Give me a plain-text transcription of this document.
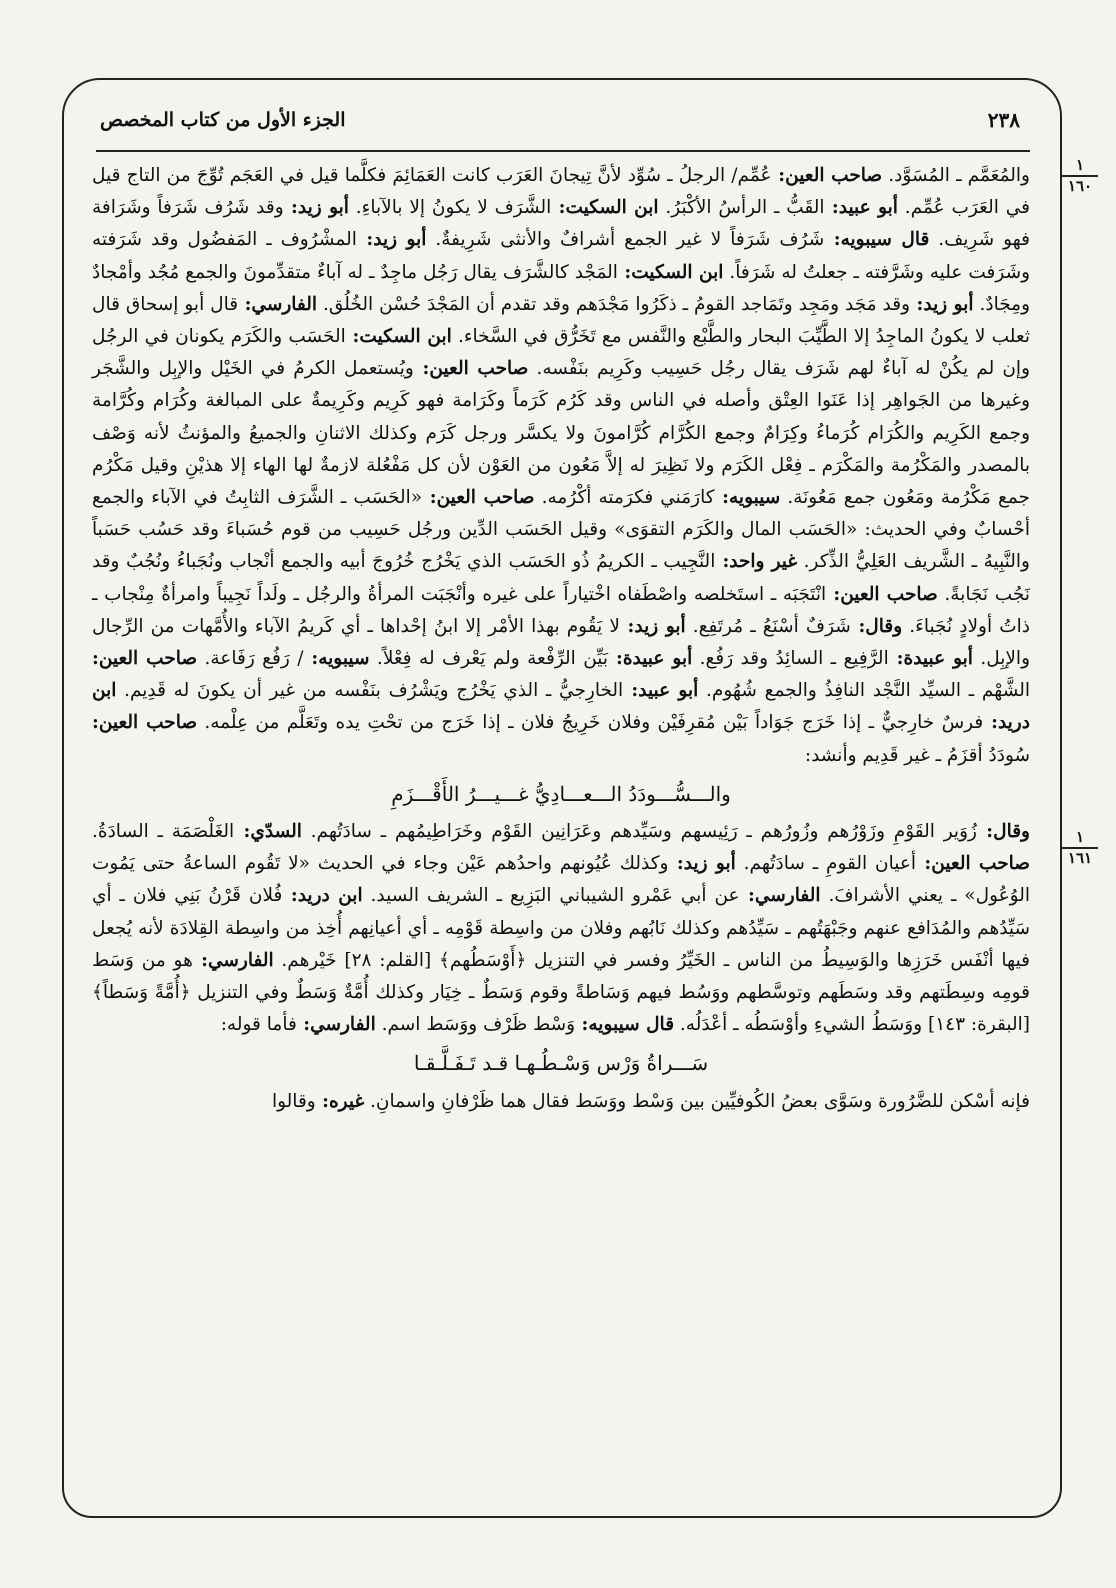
٢٣٨
الجزء الأول من كتاب المخصص
١
١٦٠
١
١٦١

والمُعَمَّم ـ المُسَوَّد. صاحب العين: عُمِّم/ الرجلُ ـ سُوِّد لأنَّ تِيجانَ العَرَب كانت العَمَائِمَ فكلَّما قيل في العَجَم تُوِّجَ من التاج قيل في العَرَب عُمِّم. أبو عبيد: القَبُّ ـ الرأسُ الأكْبَرُ. ابن السكيت: الشَّرَف لا يكونُ إلا بالآباءِ. أبو زيد: وقد شَرُف شَرَفاً وشَرَافة فهو شَرِيف. قال سيبويه: شَرُف شَرَفاً لا غير الجمع أشرافٌ والأنثى شَرِيفةٌ. أبو زيد: المشْرُوف ـ المَفضُول وقد شَرَفته وشَرَفت عليه وشَرَّفته ـ جعلتُ له شَرَفاً. ابن السكيت: المَجْد كالشَّرَف يقال رَجُل ماجِدٌ ـ له آباءٌ متقدِّمونَ والجمع مُجُد وأمْجادٌ ومِجَادٌ. أبو زيد: وقد مَجَد ومَجِد وتَمَاجد القومُ ـ ذكَرُوا مَجْدَهم وقد تقدم أن المَجْدَ حُسْن الخُلُق. الفارسي: قال أبو إسحاق قال ثعلب لا يكونُ الماجِدُ إلا الطَّيِّبَ البحار والطَّبْع والنَّفس مع تَخَرُّق في السَّخاء. ابن السكيت: الحَسَب والكَرَم يكونان في الرجُل وإن لم يكُنْ له آباءٌ لهم شَرَف يقال رجُل حَسِيب وكَرِيم بنَفْسه. صاحب العين: ويُستعمل الكرمُ في الخَيْل والإبِل والشَّجَر وغيرها من الجَواهِر إذا عَنَوا العِتْق وأصله في الناس وقد كَرُم كَرَماً وكَرَامة فهو كَرِيم وكَرِيمةٌ على المبالغة وكُرَام وكُرَّامة وجمع الكَرِيم والكُرَام كُرَماءُ وكِرَامٌ وجمع الكُرَّام كُرَّامونَ ولا يكسَّر ورجل كَرَم وكذلك الاثنانِ والجميعُ والمؤنثُ لأنه وَصْف بالمصدر والمَكْرُمة والمَكْرَم ـ فِعْل الكَرَم ولا نَظِيرَ له إلاَّ مَعُون من العَوْن لأن كل مَفْعُلة لازمةٌ لها الهاء إلا هذيْنِ وقيل مَكْرُم جمع مَكْرُمة ومَعُون جمع مَعُونَة. سيبويه: كارَمَني فكرَمته أكْرُمه. صاحب العين: «الحَسَب ـ الشَّرَف الثابِتُ في الآباء والجمع أحْسابٌ وفي الحديث: «الحَسَب المال والكَرَم التقوَى» وقيل الحَسَب الدِّين ورجُل حَسِيب من قوم حُسَباءَ وقد حَسُب حَسَباً والنَّبِيهُ ـ الشَّريف العَلِيُّ الذِّكر. غير واحد: النَّجِيب ـ الكريمُ ذُو الحَسَب الذي يَخْرُج خُرُوجَ أبيه والجمع أنْجاب ونُجَباءُ ونُجُبٌ وقد نَجُب نَجَابةً. صاحب العين: انْتَجَبَه ـ استَخلصه واصْطَفاه اخْتياراً على غيره وأنْجَبَت المرأةُ والرجُل ـ ولَداً نَجِيباً وامرأةٌ مِنْجاب ـ ذاتُ أولادٍ نُجَباءَ. وقال: شَرَفٌ أسْنَعُ ـ مُرتَفِع. أبو زيد: لا يَقُوم بهذا الأمْر إلا ابنُ إحْداها ـ أي كَريمُ الآباء والأُمَّهات من الرِّجال والإبِل. أبو عبيدة: الرَّفِيع ـ السائِدُ وقد رَفُع. أبو عبيدة: بَيِّن الرِّفْعة ولم يَعْرف له فِعْلاً. سيبويه: / رَفُع رَفَاعة. صاحب العين: الشَّهْم ـ السيِّد النَّجْد النافِذُ والجمع شُهُوم. أبو عبيد: الخارِجيُّ ـ الذي يَخْرُج ويَشْرُف بنَفْسه من غير أن يكونَ له قَدِيم. ابن دريد: فرسٌ خارِجيٌّ ـ إذا خَرَج جَوَاداً بَيْن مُقرِفَيْن وفلان خَرِيجُ فلان ـ إذا خَرَج من تحْتِ يده وتَعَلَّم من عِلْمه. صاحب العين: سُودَدُ أقزَمُ ـ غير قَدِيم وأنشد:

والـــسُّـــودَدُ الـــعـــادِيُّ غـــيـــرُ الأَقْـــزَمِ

وقال: زُوَير القَوْمِ وزَوْرُهم وزُورُهم ـ رَئِيسهم وسَيِّدهم وعَرَانِين القَوْم وخَرَاطِيمُهم ـ سادَتُهم. السدّي: الغَلْصَمَة ـ السادَةُ. صاحب العين: أعيان القومِ ـ سادَتُهم. أبو زيد: وكذلك عُيُونهم واحدُهم عَيْن وجاء في الحديث «لا تَقُوم الساعةُ حتى يَمُوت الوُعُول» ـ يعني الأشرافَ. الفارسي: عن أبي عَمْرو الشيباني البَزِيع ـ الشريف السيد. ابن دريد: فُلان قَرْنُ بَنِي فلان ـ أي سَيِّدُهم والمُدَافع عنهم وجَبْهَتُهم ـ سَيِّدُهم وكذلك نَابُهم وفلان من واسِطة قَوْمِه ـ أي أعيانِهم أُخِذ من واسِطة القِلادَة لأنه يُجعل فيها أنْفَس خَرَزِها والوَسِيطُ من الناس ـ الخَيِّرُ وفسر في التنزيل ﴿أَوْسَطُهم﴾ [القلم: ٢٨] خَيْرهم. الفارسي: هو من وَسَط قومِه وسِطَتهم وقد وسَطَهم وتوسَّطهم ووَسُط فيهم وَسَاطةً وقوم وَسَطٌ ـ خِيَار وكذلك أُمَّةٌ وَسَطٌ وفي التنزيل ﴿أُمَّةً وَسَطاً﴾ [البقرة: ١٤٣] ووَسَطُ الشيءِ وأوْسَطُه ـ أعْدَلُه. قال سيبويه: وَسْط ظَرْف ووَسَط اسم. الفارسي: فأما قوله:

سَـــراةُ وَرْس وَسْـطُـهـا قـد تَـفَـلَّـقـا

فإنه أسْكن للضَّرُورة وسَوَّى بعضُ الكُوفيِّين بين وَسْط ووَسَط فقال هما ظَرْفانِ واسمانِ. غيره: وقالوا
